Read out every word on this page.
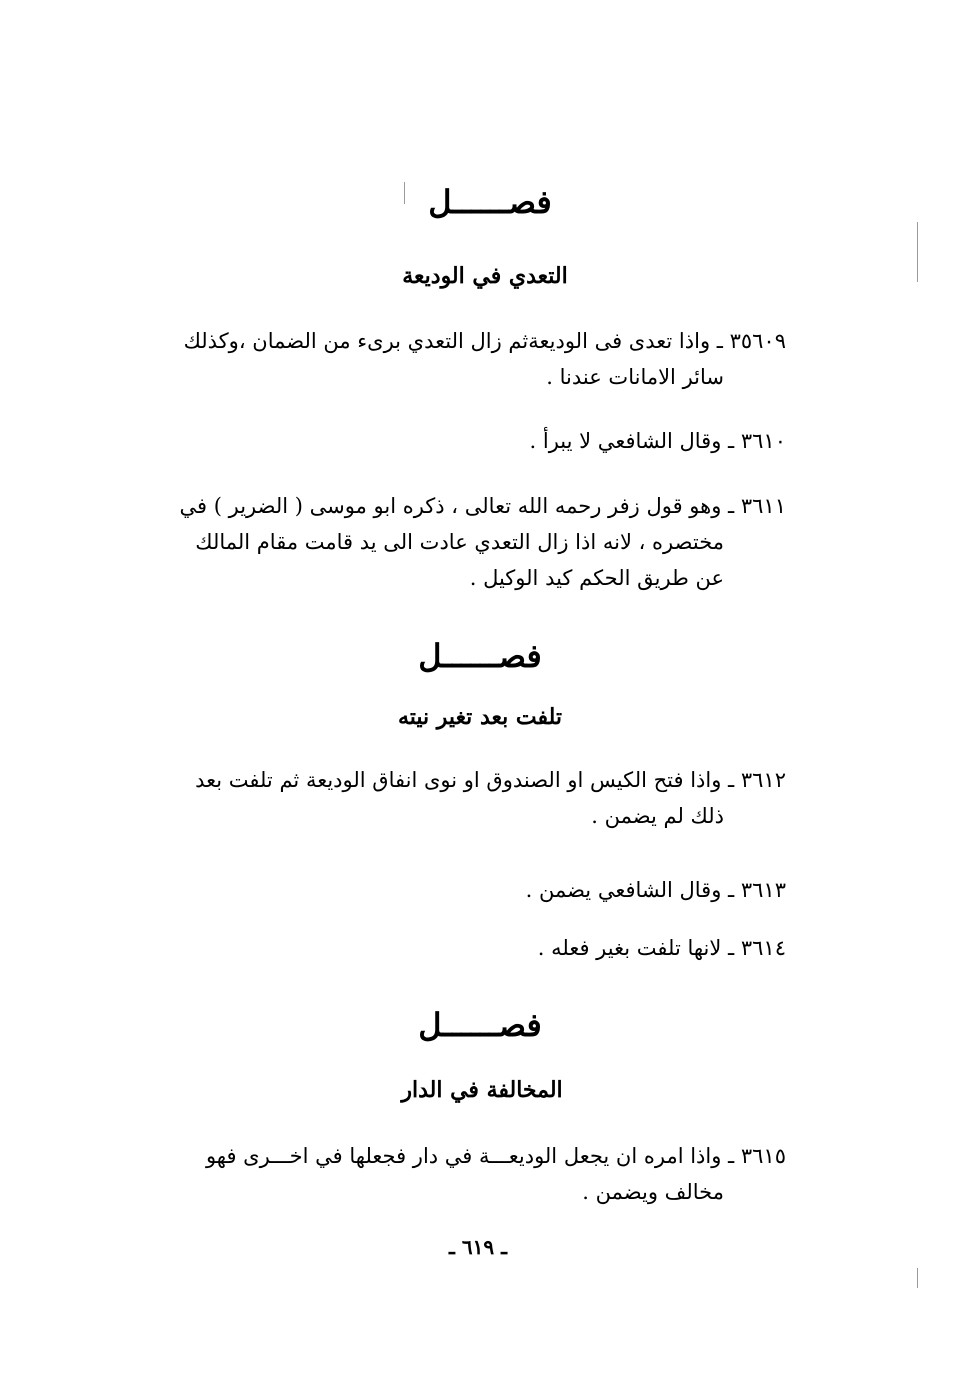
فصــــــل
التعدي في الوديعة
٣٥٦٠٩ ـ واذا تعدى فى الوديعةثم زال التعدي برىء من الضمان ،وكذلك
سائر الامانات عندنا .
٣٦١٠ ـ وقال الشافعي لا يبرأ .
٣٦١١ ـ وهو قول زفر رحمه الله تعالى ، ذكره ابو موسى ( الضرير ) في
مختصره ، لانه اذا زال التعدي عادت الى يد قامت مقام المالك
عن طريق الحكم كيد الوكيل .
فصــــــل
تلفت بعد تغير نيته
٣٦١٢ ـ واذا فتح الكيس او الصندوق او نوى انفاق الوديعة ثم تلفت بعد
ذلك لم يضمن .
٣٦١٣ ـ وقال الشافعي يضمن .
٣٦١٤ ـ لانها تلفت بغير فعله .
فصــــــل
المخالفة في الدار
٣٦١٥ ـ واذا امره ان يجعل الوديعـــة في دار فجعلها في اخـــرى فهو
مخالف ويضمن .
ـ ٦١٩ ـ
